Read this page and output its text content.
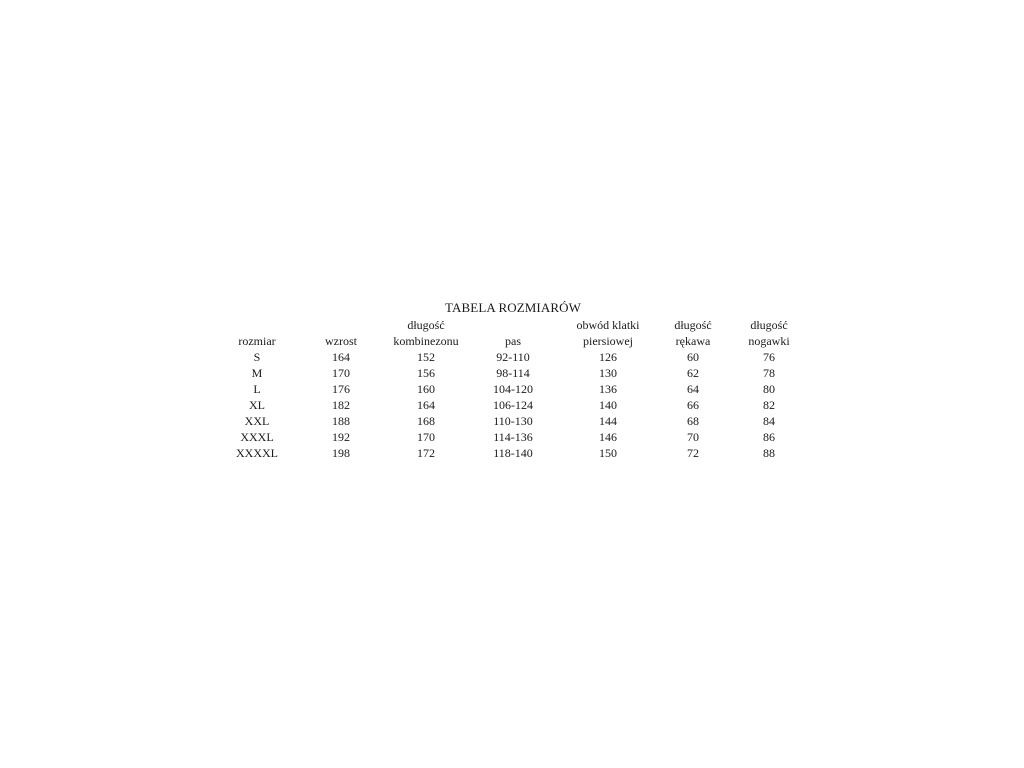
TABELA ROZMIARÓW
		długość		obwód klatki	długość	długość
rozmiar	wzrost	kombinezonu	pas	piersiowej	rękawa	nogawki
S	164	152	92-110	126	60	76
M	170	156	98-114	130	62	78
L	176	160	104-120	136	64	80
XL	182	164	106-124	140	66	82
XXL	188	168	110-130	144	68	84
XXXL	192	170	114-136	146	70	86
XXXXL	198	172	118-140	150	72	88
